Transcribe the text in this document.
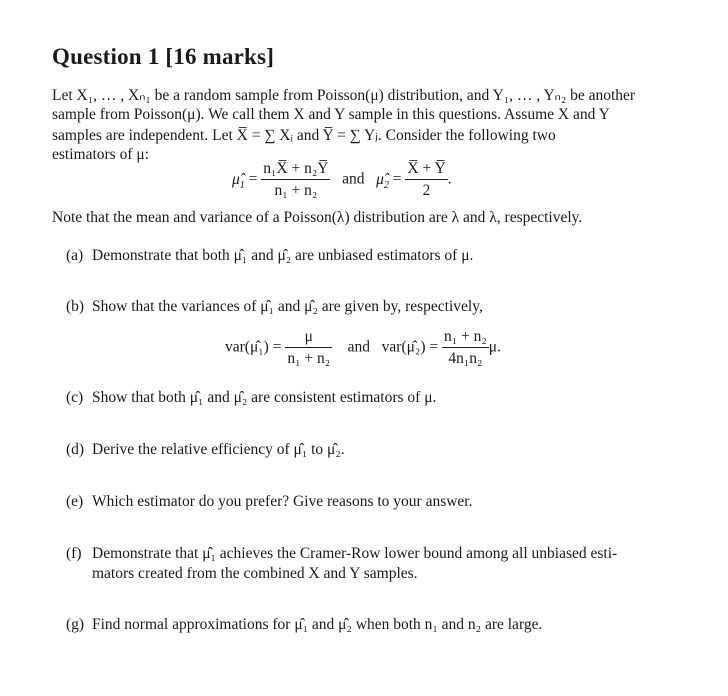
Question 1 [16 marks]
Let X₁, … , Xₙ₁ be a random sample from Poisson(μ) distribution, and Y₁, … , Yₙ₂ be another
sample from Poisson(μ). We call them X and Y sample in this questions. Assume X and Y
samples are independent. Let X̅ = ∑ Xᵢ and Y̅ = ∑ Yⱼ. Consider the following two
estimators of μ:
$\mû_1 = \frac{\text{n₁X̅ + n₂Y̅}}{\text{n₁ + n₂}}$ and $\mû_2 = \frac{X̅ + Y̅}{2}$ .
Note that the mean and variance of a Poisson(λ) distribution are λ and λ, respectively.
(a) Demonstrate that both μ̂₁ and μ̂₂ are unbiased estimators of μ.
(b) Show that the variances of μ̂₁ and μ̂₂ are given by, respectively,
var(μ̂₁) = $\frac{\mu}{\text{n₁ + n₂}}$ and var(μ̂₂) = $\frac{\text{n₁ + n₂}}{\text{4n₁n₂}} \mu$.
(c) Show that both μ̂₁ and μ̂₂ are consistent estimators of μ.
(d) Derive the relative efficiency of μ̂₁ to μ̂₂.
(e) Which estimator do you prefer? Give reasons to your answer.
(f) Demonstrate that μ̂₁ achieves the Cramer-Row lower bound among all unbiased esti-
mators created from the combined X and Y samples.
(g) Find normal approximations for μ̂₁ and μ̂₂ when both n₁ and n₂ are large.
